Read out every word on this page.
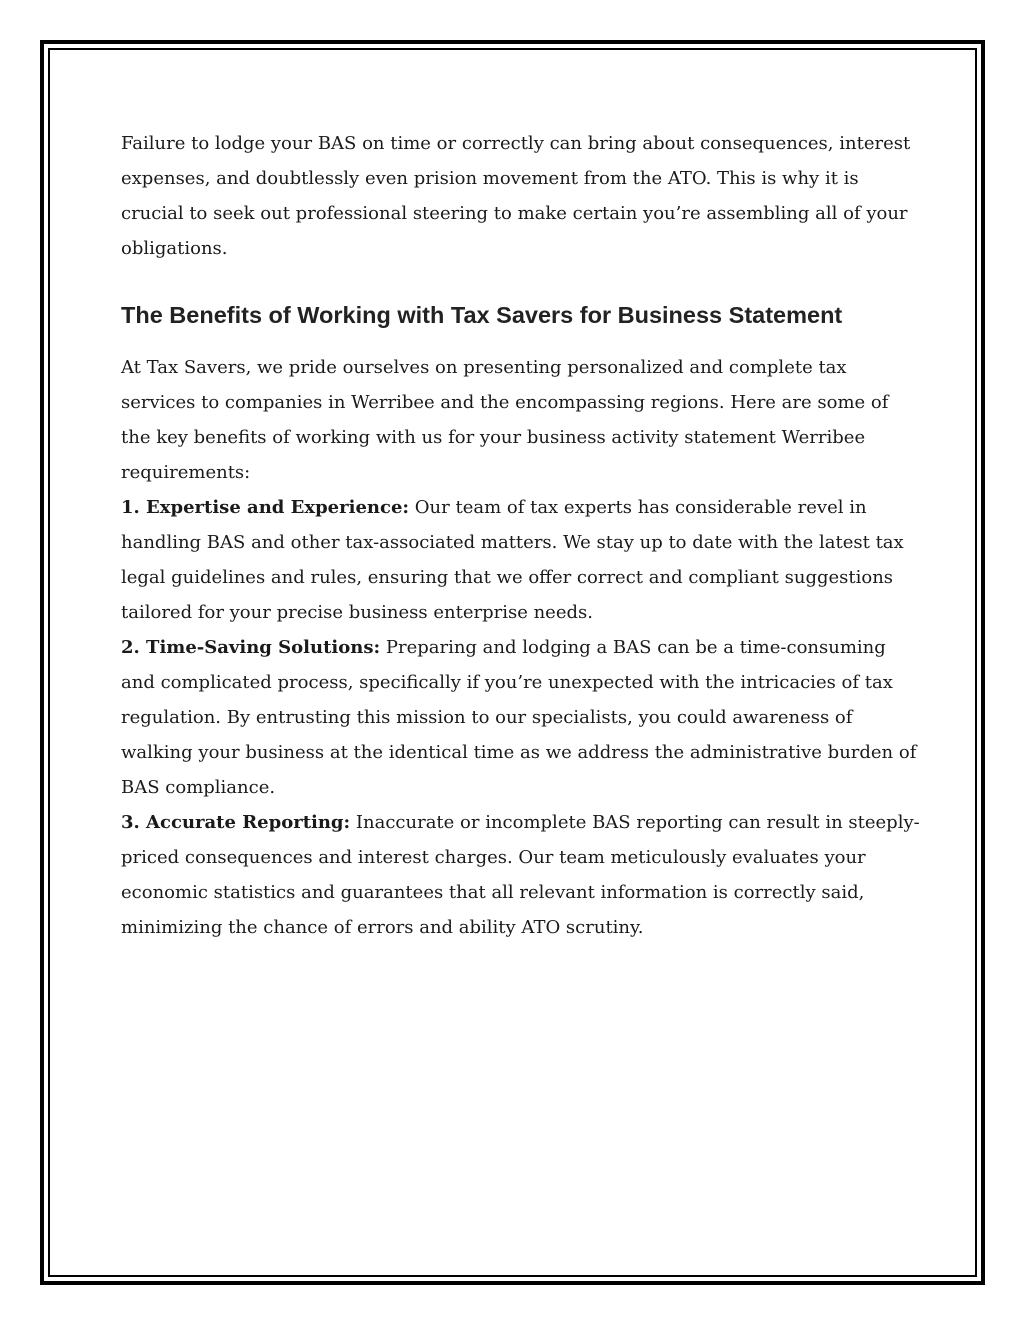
Failure to lodge your BAS on time or correctly can bring about consequences, interest expenses, and doubtlessly even prision movement from the ATO. This is why it is crucial to seek out professional steering to make certain you’re assembling all of your obligations.

The Benefits of Working with Tax Savers for Business Statement

At Tax Savers, we pride ourselves on presenting personalized and complete tax services to companies in Werribee and the encompassing regions. Here are some of the key benefits of working with us for your business activity statement Werribee requirements:

1. Expertise and Experience: Our team of tax experts has considerable revel in handling BAS and other tax-associated matters. We stay up to date with the latest tax legal guidelines and rules, ensuring that we offer correct and compliant suggestions tailored for your precise business enterprise needs.

2. Time-Saving Solutions: Preparing and lodging a BAS can be a time-consuming and complicated process, specifically if you’re unexpected with the intricacies of tax regulation. By entrusting this mission to our specialists, you could awareness of walking your business at the identical time as we address the administrative burden of BAS compliance.

3. Accurate Reporting: Inaccurate or incomplete BAS reporting can result in steeply-priced consequences and interest charges. Our team meticulously evaluates your economic statistics and guarantees that all relevant information is correctly said, minimizing the chance of errors and ability ATO scrutiny.
